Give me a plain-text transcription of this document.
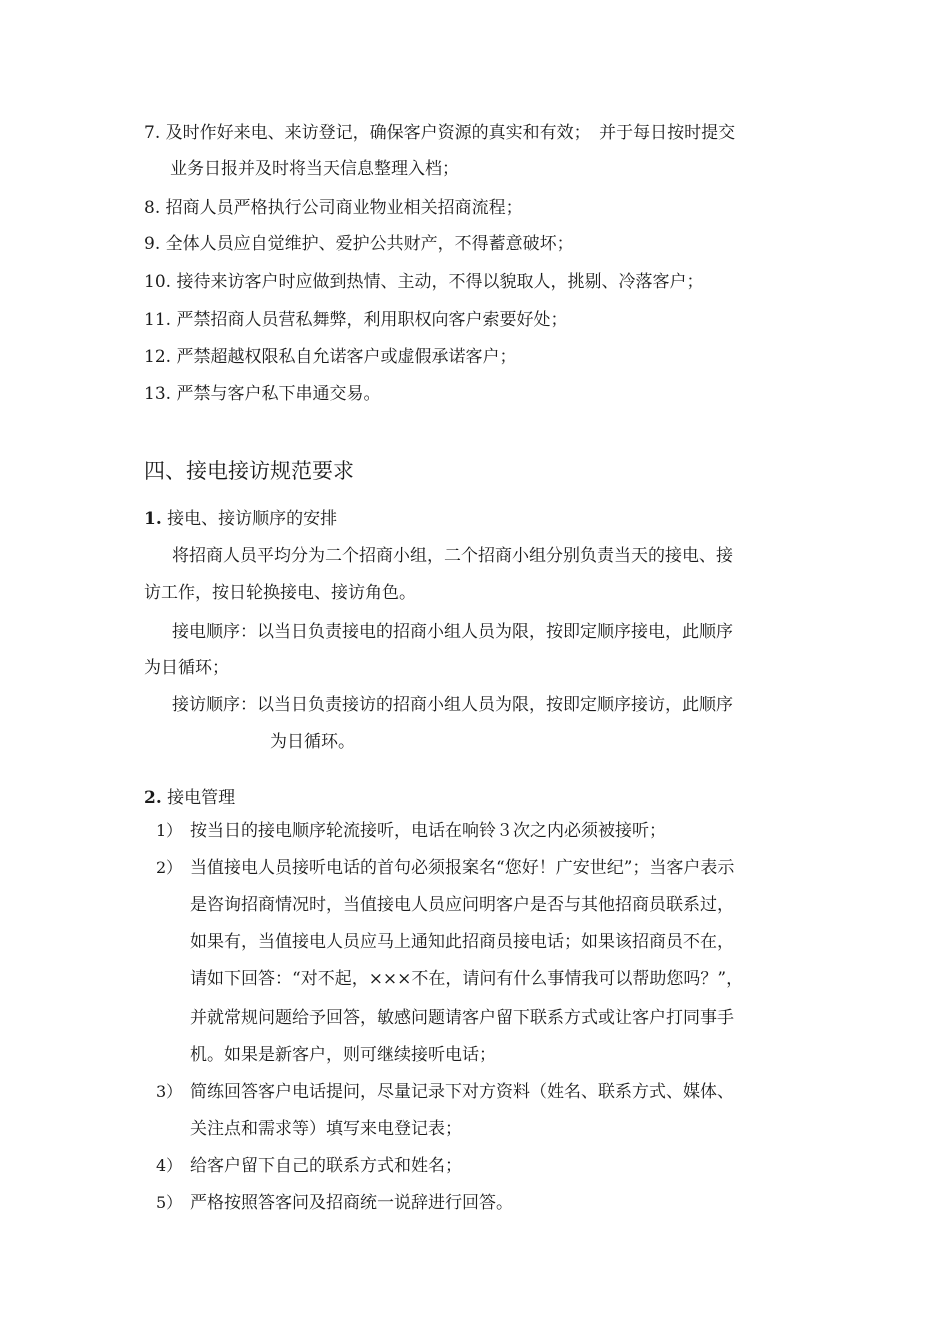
7. 及时作好来电、来访登记，确保客户资源的真实和有效；　并于每日按时提交
业务日报并及时将当天信息整理入档；
8. 招商人员严格执行公司商业物业相关招商流程；
9. 全体人员应自觉维护、爱护公共财产，不得蓄意破坏；
10. 接待来访客户时应做到热情、主动，不得以貌取人，挑剔、冷落客户；
11. 严禁招商人员营私舞弊，利用职权向客户索要好处；
12. 严禁超越权限私自允诺客户或虚假承诺客户；
13. 严禁与客户私下串通交易。
四、接电接访规范要求
1. 接电、接访顺序的安排
将招商人员平均分为二个招商小组，二个招商小组分别负责当天的接电、接
访工作，按日轮换接电、接访角色。
接电顺序：以当日负责接电的招商小组人员为限，按即定顺序接电，此顺序
为日循环；
接访顺序：以当日负责接访的招商小组人员为限，按即定顺序接访，此顺序
为日循环。
2. 接电管理
1） 按当日的接电顺序轮流接听，电话在响铃３次之内必须被接听；
2） 当值接电人员接听电话的首句必须报案名“您好！广安世纪”；当客户表示
是咨询招商情况时，当值接电人员应问明客户是否与其他招商员联系过，
如果有，当值接电人员应马上通知此招商员接电话；如果该招商员不在，
请如下回答：“对不起，×××不在，请问有什么事情我可以帮助您吗？”，
并就常规问题给予回答，敏感问题请客户留下联系方式或让客户打同事手
机。如果是新客户，则可继续接听电话；
3） 简练回答客户电话提问，尽量记录下对方资料（姓名、联系方式、媒体、
关注点和需求等）填写来电登记表；
4） 给客户留下自己的联系方式和姓名；
5） 严格按照答客问及招商统一说辞进行回答。
